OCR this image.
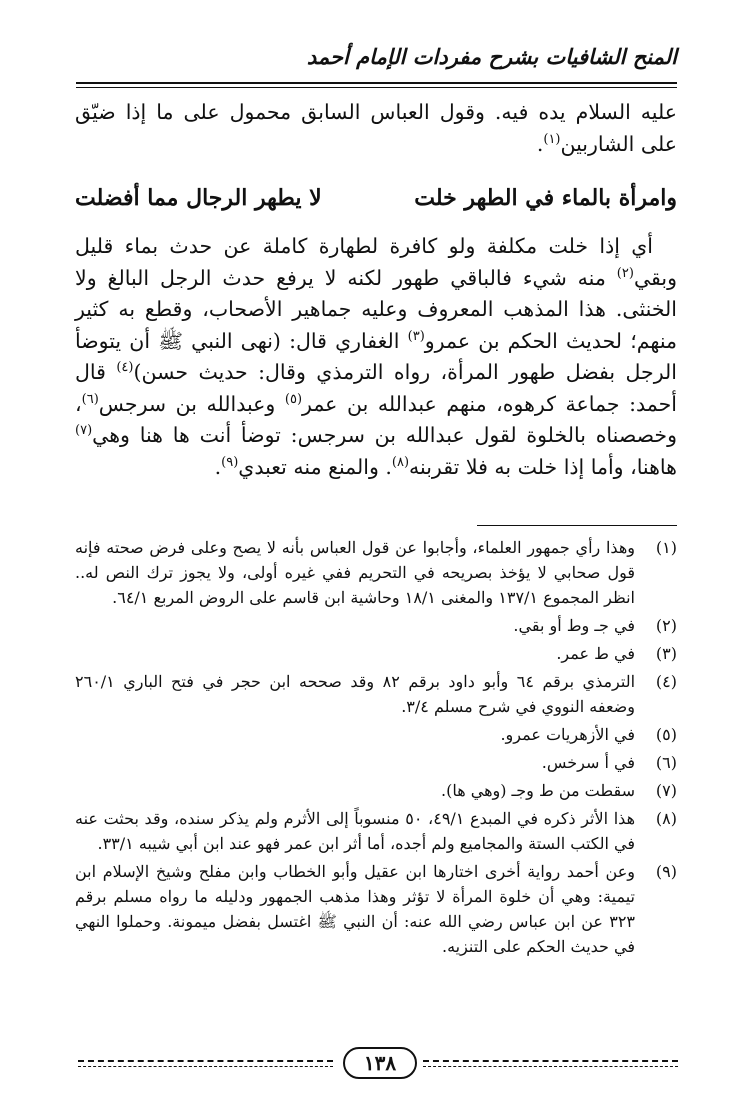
المنح الشافيات بشرح مفردات الإمام أحمد

عليه السلام يده فيه. وقول العباس السابق محمول على ما إذا ضيّق على الشاربين$^{(١)}$.

وامرأة بالماء في الطهر خلت
لا يطهر الرجال مما أفضلت

أي إذا خلت مكلفة ولو كافرة لطهارة كاملة عن حدث بماء قليل وبقي$^{(٢)}$ منه شيء فالباقي طهور لكنه لا يرفع حدث الرجل البالغ ولا الخنثى. هذا المذهب المعروف وعليه جماهير الأصحاب، وقطع به كثير منهم؛ لحديث الحكم بن عمرو$^{(٣)}$ الغفاري قال: (نهى النبي ﷺ أن يتوضأ الرجل بفضل طهور المرأة، رواه الترمذي وقال: حديث حسن)$^{(٤)}$ قال أحمد: جماعة كرهوه، منهم عبدالله بن عمر$^{(٥)}$ وعبدالله بن سرجس$^{(٦)}$، وخصصناه بالخلوة لقول عبدالله بن سرجس: توضأ أنت ها هنا وهي$^{(٧)}$ هاهنا، وأما إذا خلت به فلا تقربنه$^{(٨)}$. والمنع منه تعبدي$^{(٩)}$.

(١)
وهذا رأي جمهور العلماء، وأجابوا عن قول العباس بأنه لا يصح وعلى فرض صحته فإنه قول صحابي لا يؤخذ بصريحه في التحريم ففي غيره أولى، ولا يجوز ترك النص له.. انظر المجموع ١٣٧/١ والمغنى ١٨/١ وحاشية ابن قاسم على الروض المربع ٦٤/١.
(٢)
في جـ وط أو بقي.
(٣)
في ط عمر.
(٤)
الترمذي برقم ٦٤ وأبو داود برقم ٨٢ وقد صححه ابن حجر في فتح الباري ٢٦٠/١ وضعفه النووي في شرح مسلم ٣/٤.
(٥)
في الأزهريات عمرو.
(٦)
في أ سرخس.
(٧)
سقطت من ط وجـ (وهي ها).
(٨)
هذا الأثر ذكره في المبدع ٤٩/١، ٥٠ منسوباً إلى الأثرم ولم يذكر سنده، وقد بحثت عنه في الكتب الستة والمجاميع ولم أجده، أما أثر ابن عمر فهو عند ابن أبي شيبه ٣٣/١.
(٩)
وعن أحمد رواية أخرى اختارها ابن عقيل وأبو الخطاب وابن مفلح وشيخ الإسلام ابن تيمية: وهي أن خلوة المرأة لا تؤثر وهذا مذهب الجمهور ودليله ما رواه مسلم برقم ٣٢٣ عن ابن عباس رضي الله عنه: أن النبي ﷺ اغتسل بفضل ميمونة. وحملوا النهي في حديث الحكم على التنزيه.
١٣٨
